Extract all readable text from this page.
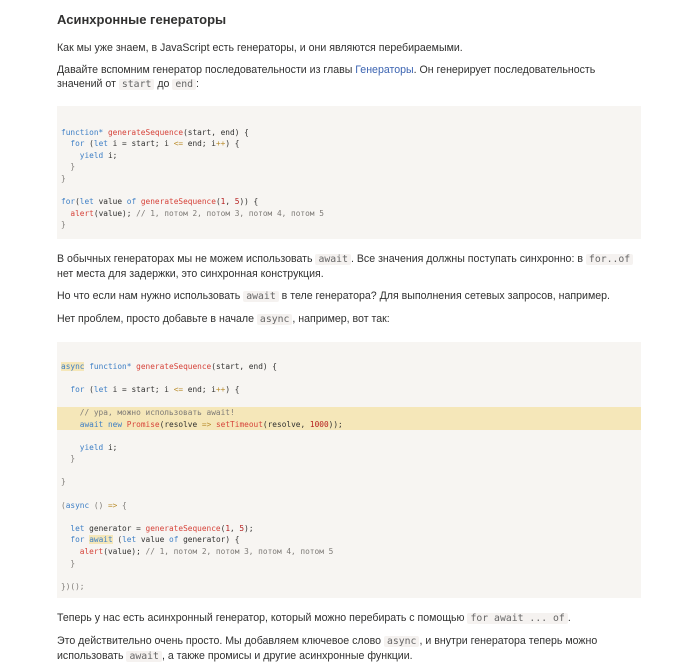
Асинхронные генераторы

Как мы уже знаем, в JavaScript есть генераторы, и они являются перебираемыми.

Давайте вспомним генератор последовательности из главы Генераторы. Он генерирует последовательность значений от start до end :

function* generateSequence(start, end) {
for (let i = start; i <= end; i++) {
yield i;
}
}

for(let value of generateSequence(1, 5)) {
alert(value); // 1, потом 2, потом 3, потом 4, потом 5
}

В обычных генераторах мы не можем использовать await . Все значения должны поступать синхронно: в for..of нет места для задержки, это синхронная конструкция.

Но что если нам нужно использовать await в теле генератора? Для выполнения сетевых запросов, например.

Нет проблем, просто добавьте в начале async , например, вот так:

async function* generateSequence(start, end) {

for (let i = start; i <= end; i++) {

// ура, можно использовать await!
await new Promise(resolve => setTimeout(resolve, 1000));

yield i;
}

}

(async () => {

let generator = generateSequence(1, 5);
for await (let value of generator) {
alert(value); // 1, потом 2, потом 3, потом 4, потом 5
}

})();

Теперь у нас есть асинхронный генератор, который можно перебирать с помощью for await ... of .

Это действительно очень просто. Мы добавляем ключевое слово async , и внутри генератора теперь можно использовать await , а также промисы и другие асинхронные функции.
